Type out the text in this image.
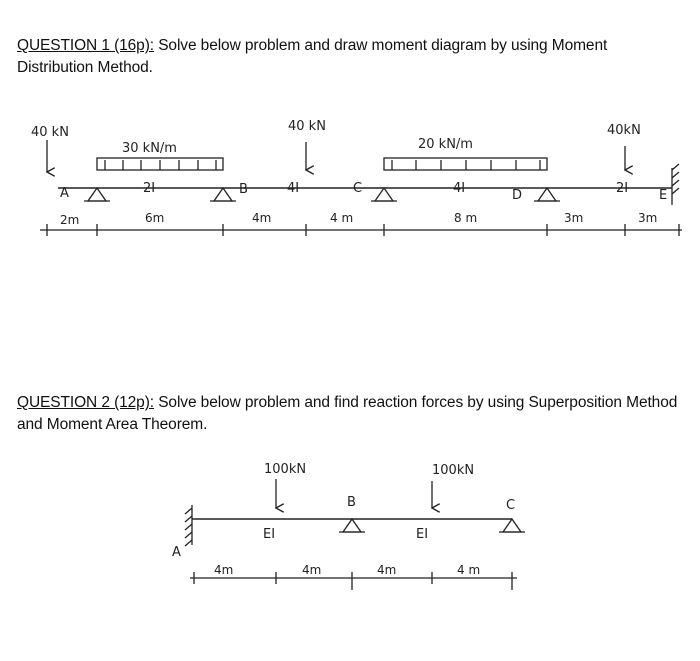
QUESTION 1 (16p): Solve below problem and draw moment diagram by using Moment Distribution Method.
40 kN
30 kN/m
A	B
40 kN
C
20 kN/m
D
40kN
E
2I	4I	4I	2I
2m	6m	4m	4 m	8 m	3m	3m
A
100kN
B
100kN
C
EI	EI
4m	4m	4m	4 m
QUESTION 2 (12p): Solve below problem and find reaction forces by using Superposition Method and Moment Area Theorem.
